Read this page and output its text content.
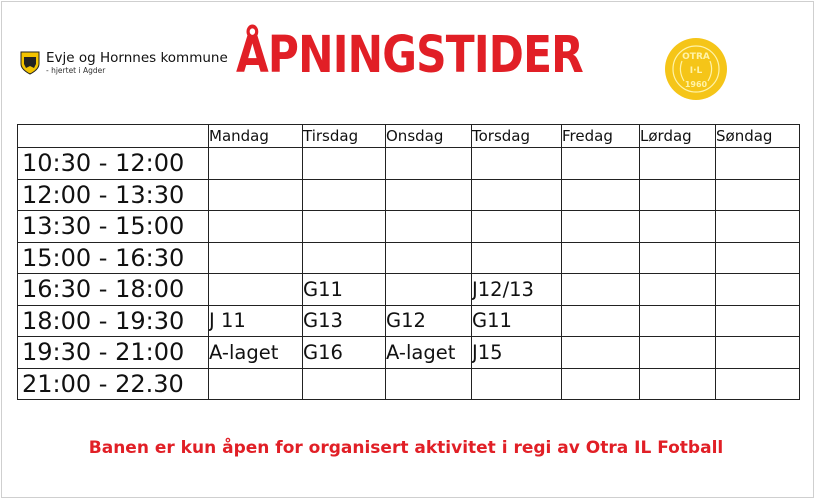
Evje og Hornnes kommune
- hjertet i Agder	ÅPNINGSTIDER	OTRA
I·L
1960
	Mandag	Tirsdag	Onsdag	Torsdag	Fredag	Lørdag	Søndag
10:30 - 12:00							
12:00 - 13:30							
13:30 - 15:00							
15:00 - 16:30							
16:30 - 18:00		G11		J12/13			
18:00 - 19:30	J 11	G13	G12	G11			
19:30 - 21:00	A-laget	G16	A-laget	J15			
21:00 - 22.30							
Banen er kun åpen for organisert aktivitet i regi av Otra IL Fotball
